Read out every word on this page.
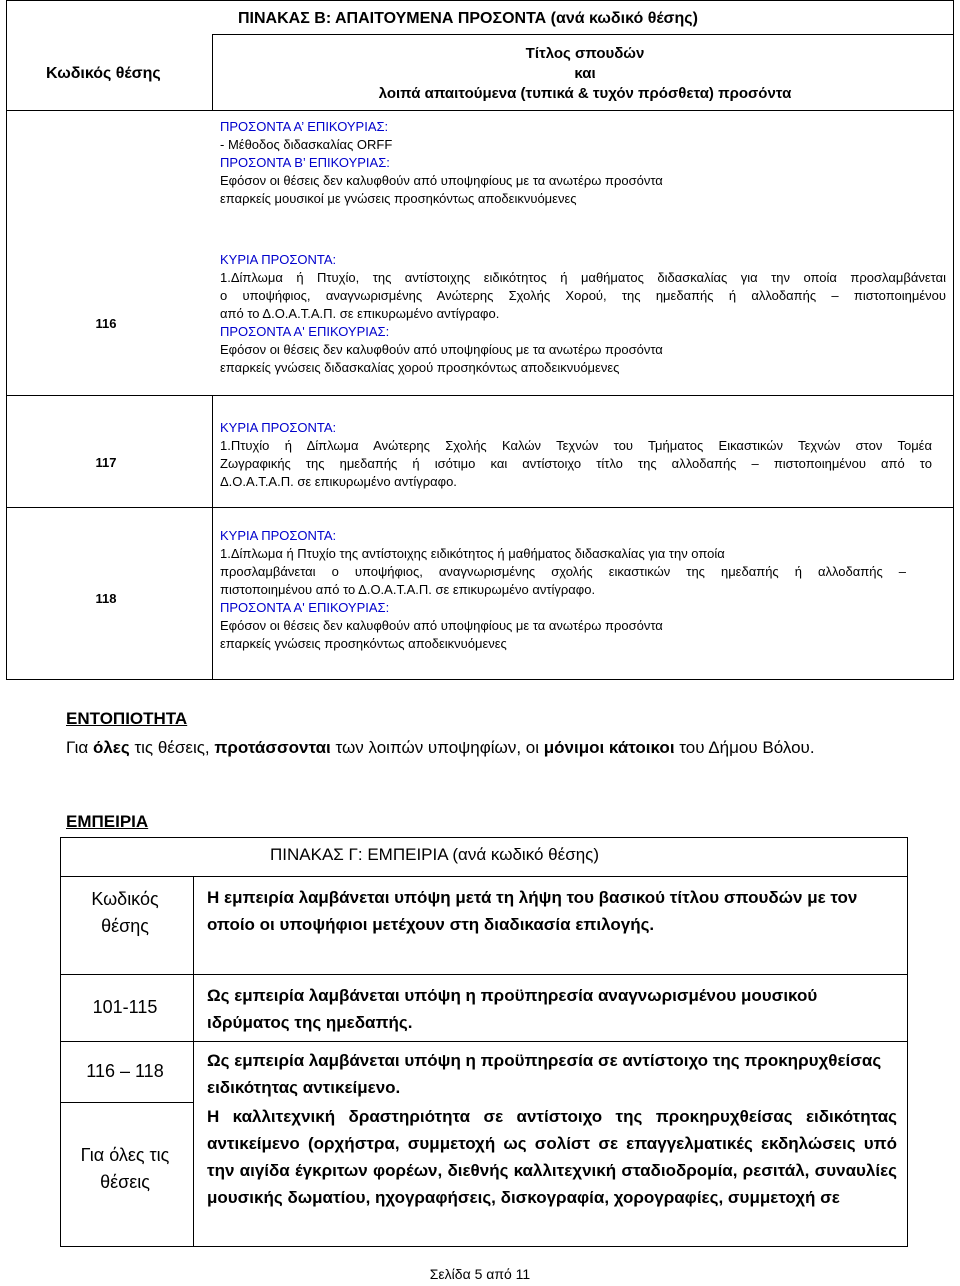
ΠΙΝΑΚΑΣ Β: ΑΠΑΙΤΟΥΜΕΝΑ ΠΡΟΣΟΝΤΑ (ανά κωδικό θέσης)
Κωδικός θέσης
Τίτλος σπουδών
και
λοιπά απαιτούμενα (τυπικά & τυχόν πρόσθετα) προσόντα
ΠΡΟΣΟΝΤΑ Α’ ΕΠΙΚΟΥΡΙΑΣ:
- Μέθοδος διδασκαλίας ORFF
ΠΡΟΣΟΝΤΑ Β’ ΕΠΙΚΟΥΡΙΑΣ:
Εφόσον οι θέσεις δεν καλυφθούν από υποψηφίους με τα ανωτέρω προσόντα
επαρκείς μουσικοί με γνώσεις προσηκόντως αποδεικνυόμενες
116
ΚΥΡΙΑ ΠΡΟΣΟΝΤΑ:
1.Δίπλωμα ή Πτυχίο, της αντίστοιχης ειδικότητος ή μαθήματος διδασκαλίας για την οποία προσλαμβάνεται
ο υποψήφιος, αναγνωρισμένης Ανώτερης Σχολής Χορού, της ημεδαπής ή αλλοδαπής – πιστοποιημένου
από το Δ.Ο.Α.Τ.Α.Π. σε επικυρωμένο αντίγραφο.
ΠΡΟΣΟΝΤΑ Α' ΕΠΙΚΟΥΡΙΑΣ:
Εφόσον οι θέσεις δεν καλυφθούν από υποψηφίους με τα ανωτέρω προσόντα
επαρκείς γνώσεις διδασκαλίας χορού προσηκόντως αποδεικνυόμενες
117
ΚΥΡΙΑ ΠΡΟΣΟΝΤΑ:
1.Πτυχίο ή Δίπλωμα Ανώτερης Σχολής Καλών Τεχνών του Τμήματος Εικαστικών Τεχνών στον Τομέα
Ζωγραφικής της ημεδαπής ή ισότιμο και αντίστοιχο τίτλο της αλλοδαπής – πιστοποιημένου από το
Δ.Ο.Α.Τ.Α.Π. σε επικυρωμένο αντίγραφο.
118
ΚΥΡΙΑ ΠΡΟΣΟΝΤΑ:
1.Δίπλωμα ή Πτυχίο της αντίστοιχης ειδικότητος ή μαθήματος διδασκαλίας για την οποία
προσλαμβάνεται ο υποψήφιος, αναγνωρισμένης σχολής εικαστικών της ημεδαπής ή αλλοδαπής –
πιστοποιημένου από το Δ.Ο.Α.Τ.Α.Π. σε επικυρωμένο αντίγραφο.
ΠΡΟΣΟΝΤΑ Α' ΕΠΙΚΟΥΡΙΑΣ:
Εφόσον οι θέσεις δεν καλυφθούν από υποψηφίους με τα ανωτέρω προσόντα
επαρκείς γνώσεις προσηκόντως αποδεικνυόμενες
ΕΝΤΟΠΙΟΤΗΤΑ
Για όλες τις θέσεις, προτάσσονται των λοιπών υποψηφίων, οι μόνιμοι κάτοικοι του Δήμου Βόλου.
ΕΜΠΕΙΡΙΑ
ΠΙΝΑΚΑΣ Γ: ΕΜΠΕΙΡΙΑ (ανά κωδικό θέσης)
Κωδικός θέσης
Η εμπειρία λαμβάνεται υπόψη μετά τη λήψη του βασικού τίτλου σπουδών με τον οποίο οι υποψήφιοι μετέχουν στη διαδικασία επιλογής.
101-115
Ως εμπειρία λαμβάνεται υπόψη η προϋπηρεσία αναγνωρισμένου μουσικού ιδρύματος της ημεδαπής.
116 – 118
Ως εμπειρία λαμβάνεται υπόψη η προϋπηρεσία σε αντίστοιχο της προκηρυχθείσας ειδικότητας αντικείμενο.
Για όλες τις θέσεις
Η καλλιτεχνική δραστηριότητα σε αντίστοιχο της προκηρυχθείσας ειδικότητας αντικείμενο (ορχήστρα, συμμετοχή ως σολίστ σε επαγγελματικές εκδηλώσεις υπό την αιγίδα έγκριτων φορέων, διεθνής καλλιτεχνική σταδιοδρομία, ρεσιτάλ, συναυλίες μουσικής δωματίου, ηχογραφήσεις, δισκογραφία, χορογραφίες, συμμετοχή σε
Σελίδα 5 από 11
